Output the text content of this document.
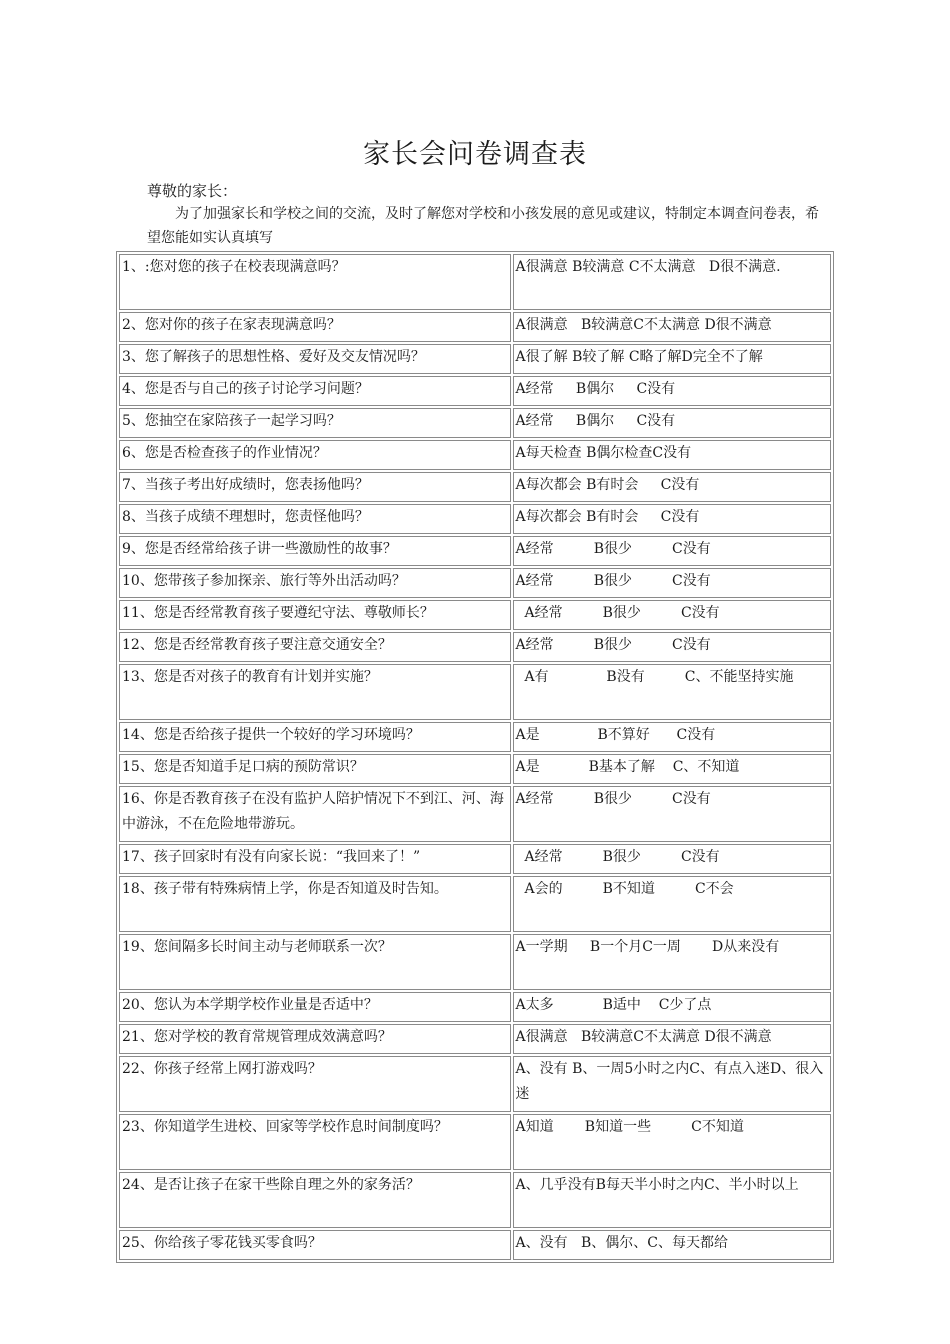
家长会问卷调查表
尊敬的家长：
为了加强家长和学校之间的交流，及时了解您对学校和小孩发展的意见或建议，特制定本调查问卷表，希望您能如实认真填写
1、:您对您的孩子在校表现满意吗？	A很满意 B较满意 C不太满意   D很不满意.
2、您对你的孩子在家表现满意吗？	A很满意   B较满意C不太满意 D很不满意
3、您了解孩子的思想性格、爱好及交友情况吗？	A很了解 B较了解 C略了解D完全不了解
4、您是否与自己的孩子讨论学习问题？	A经常     B偶尔     C没有
5、您抽空在家陪孩子一起学习吗？	A经常     B偶尔     C没有
6、您是否检查孩子的作业情况？	A每天检查 B偶尔检查C没有
7、当孩子考出好成绩时，您表扬他吗？	A每次都会 B有时会     C没有
8、当孩子成绩不理想时，您责怪他吗？	A每次都会 B有时会     C没有
9、您是否经常给孩子讲一些激励性的故事？	A经常         B很少         C没有
10、您带孩子参加探亲、旅行等外出活动吗？	A经常         B很少         C没有
11、您是否经常教育孩子要遵纪守法、尊敬师长？	A经常         B很少         C没有
12、您是否经常教育孩子要注意交通安全？	A经常         B很少         C没有
13、您是否对孩子的教育有计划并实施？	A有             B没有         C、不能坚持实施
14、您是否给孩子提供一个较好的学习环境吗？	A是             B不算好      C没有
15、您是否知道手足口病的预防常识？	A是           B基本了解    C、不知道
16、你是否教育孩子在没有监护人陪护情况下不到江、河、海中游泳，不在危险地带游玩。	A经常         B很少         C没有
17、孩子回家时有没有向家长说：“我回来了！”	A经常         B很少         C没有
18、孩子带有特殊病情上学，你是否知道及时告知。	A会的         B不知道         C不会
19、您间隔多长时间主动与老师联系一次？	A一学期     B一个月C一周       D从来没有
20、您认为本学期学校作业量是否适中？	A太多           B适中    C少了点
21、您对学校的教育常规管理成效满意吗？	A很满意   B较满意C不太满意 D很不满意
22、你孩子经常上网打游戏吗？	A、没有 B、一周5小时之内C、有点入迷D、很入迷
23、你知道学生进校、回家等学校作息时间制度吗？	A知道       B知道一些         C不知道
24、是否让孩子在家干些除自理之外的家务活？	A、几乎没有B每天半小时之内C、半小时以上
25、你给孩子零花钱买零食吗？	A、没有   B、偶尔、C、每天都给
